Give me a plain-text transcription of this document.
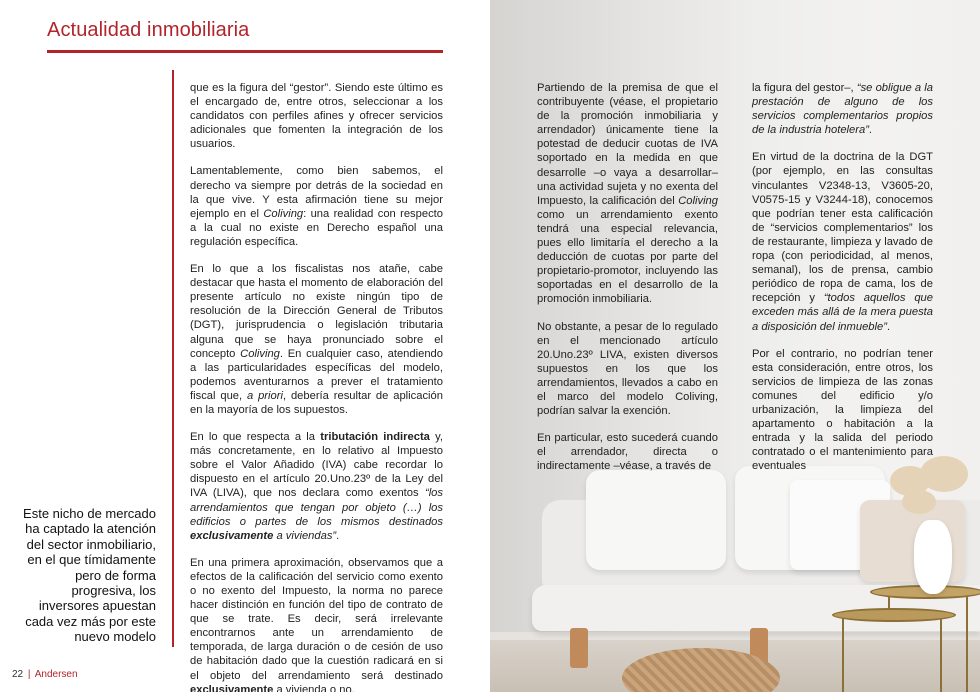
Actualidad inmobiliaria
Este nicho de mercado ha captado la atención del sector inmobiliario, en el que tímidamente pero de forma progresiva, los inversores apuestan cada vez más por este nuevo modelo

que es la figura del “gestor”. Siendo este último es el encargado de, entre otros, seleccionar a los candidatos con perfiles afines y ofrecer servicios adicionales que fomenten la integración de los usuarios.

Lamentablemente, como bien sabemos, el derecho va siempre por detrás de la sociedad en la que vive. Y esta afirmación tiene su mejor ejemplo en el Coliving: una realidad con respecto a la cual no existe en Derecho español una regulación específica.

En lo que a los fiscalistas nos atañe, cabe destacar que hasta el momento de elaboración del presente artículo no existe ningún tipo de resolución de la Dirección General de Tributos (DGT), jurisprudencia o legislación tributaria alguna que se haya pronunciado sobre el concepto Coliving. En cualquier caso, atendiendo a las particularidades específicas del modelo, podemos aventurarnos a prever el tratamiento fiscal que, a priori, debería resultar de aplicación en la mayoría de los supuestos.

En lo que respecta a la tributación indirecta y, más concretamente, en lo relativo al Impuesto sobre el Valor Añadido (IVA) cabe recordar lo dispuesto en el artículo 20.Uno.23º de la Ley del IVA (LIVA), que nos declara como exentos “los arrendamientos que tengan por objeto (…) los edificios o partes de los mismos destinados exclusivamente a viviendas”.

En una primera aproximación, observamos que a efectos de la calificación del servicio como exento o no exento del Impuesto, la norma no parece hacer distinción en función del tipo de contrato de que se trate. Es decir, será irrelevante encontrarnos ante un arrendamiento de temporada, de larga duración o de cesión de uso de habitación dado que la cuestión radicará en si el objeto del arrendamiento será destinado exclusivamente a vivienda o no.

22 | Andersen

Partiendo de la premisa de que el contribuyente (véase, el propietario de la promoción inmobiliaria y arrendador) únicamente tiene la potestad de deducir cuotas de IVA soportado en la medida en que desarrolle –o vaya a desarrollar– una actividad sujeta y no exenta del Impuesto, la calificación del Coliving como un arrendamiento exento tendrá una especial relevancia, pues ello limitaría el derecho a la deducción de cuotas por parte del propietario-promotor, incluyendo las soportadas en el desarrollo de la promoción inmobiliaria.

No obstante, a pesar de lo regulado en el mencionado artículo 20.Uno.23º LIVA, existen diversos supuestos en los que los arrendamientos, llevados a cabo en el marco del modelo Coliving, podrían salvar la exención.

En particular, esto sucederá cuando el arrendador, directa o indirectamente –véase, a través de

la figura del gestor–, “se obligue a la prestación de alguno de los servicios complementarios propios de la industria hotelera”.

En virtud de la doctrina de la DGT (por ejemplo, en las consultas vinculantes V2348-13, V3605-20, V0575-15 y V3244-18), conocemos que podrían tener esta calificación de “servicios complementarios” los de restaurante, limpieza y lavado de ropa (con periodicidad, al menos, semanal), los de prensa, cambio periódico de ropa de cama, los de recepción y “todos aquellos que exceden más allá de la mera puesta a disposición del inmueble”.

Por el contrario, no podrían tener esta consideración, entre otros, los servicios de limpieza de las zonas comunes del edificio y/o urbanización, la limpieza del apartamento o habitación a la entrada y la salida del periodo contratado o el mantenimiento para eventuales
